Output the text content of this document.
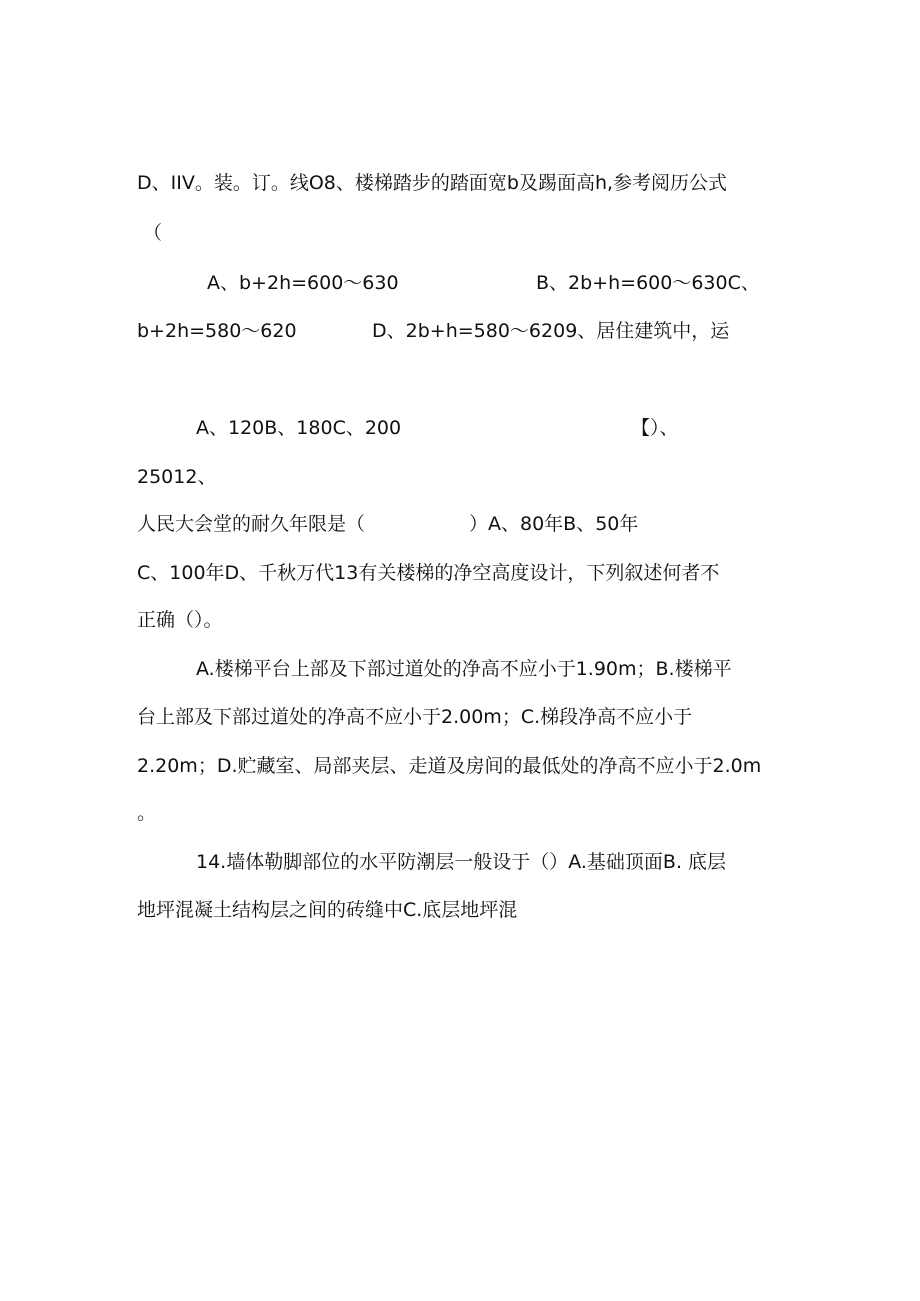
D、IIV。装。订。线O8、楼梯踏步的踏面宽b及踢面高h,参考阅历公式
（
A、b+2h=600～630	B、2b+h=600～630C、
b+2h=580～620	D、2b+h=580～6209、居住建筑中，运
A、120B、180C、200	【）、
25012、
人民大会堂的耐久年限是（	）A、80年B、50年
C、100年D、千秋万代13有关楼梯的净空高度设计，下列叙述何者不
正确（）。
A.楼梯平台上部及下部过道处的净高不应小于1.90m；B.楼梯平
台上部及下部过道处的净高不应小于2.00m；C.梯段净高不应小于
2.20m；D.贮藏室、局部夹层、走道及房间的最低处的净高不应小于2.0m
。
14.墙体勒脚部位的水平防潮层一般设于（）A.基础顶面B. 底层
地坪混凝土结构层之间的砖缝中C.底层地坪混
